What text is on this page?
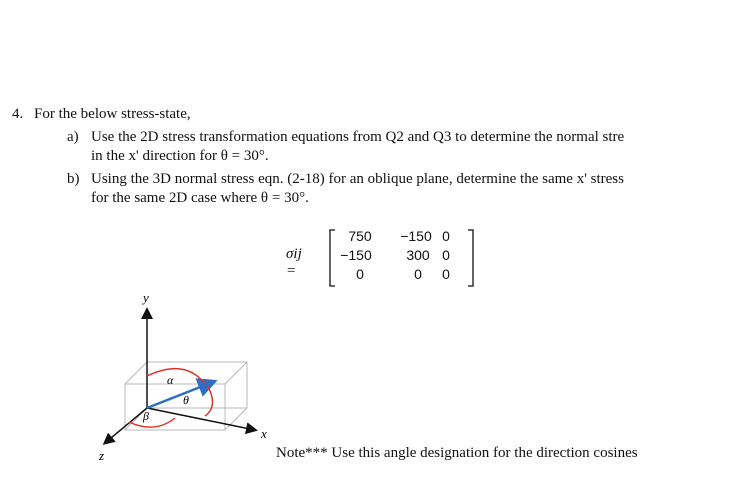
4. For the below stress-state,
a) Use the 2D stress transformation equations from Q2 and Q3 to determine the normal stre
in the x' direction for θ = 30°.
b) Using the 3D normal stress eqn. (2-18) for an oblique plane, determine the same x' stress
for the same 2D case where θ = 30°.
σij =
750	−150 0
−150	300 0
0	0	0
y
x
z
α
θ
β
Note*** Use this angle designation for the direction cosines
